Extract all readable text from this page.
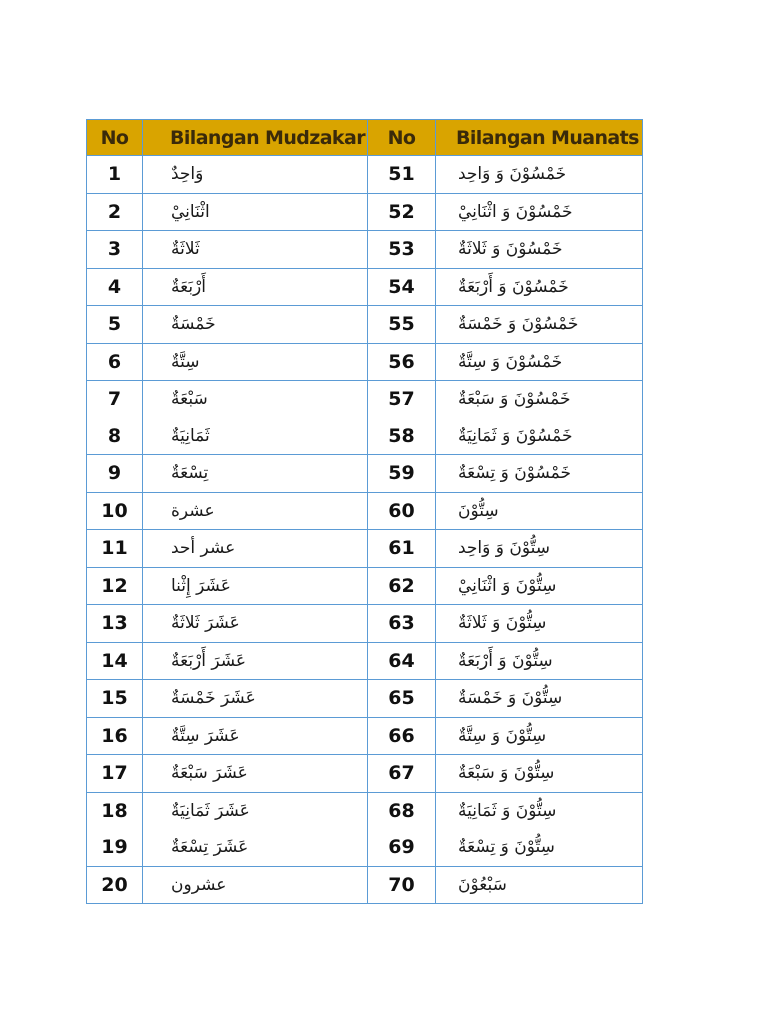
No	Bilangan Mudzakar	No	Bilangan Muanats
1	وَاحِدٌ	51	خَمْسُوْنَ وَ وَاحِد
2	اثْنَانِيْ	52	خَمْسُوْنَ وَ اثْنَانِيْ
3	ثَلاثَةٌ	53	خَمْسُوْنَ وَ ثَلاثَةٌ
4	أَرْبَعَةٌ	54	خَمْسُوْنَ وَ أَرْبَعَةٌ
5	خَمْسَةٌ	55	خَمْسُوْنَ وَ خَمْسَةٌ
6	سِتَّةٌ	56	خَمْسُوْنَ وَ سِتَّةٌ
7	سَبْعَةٌ	57	خَمْسُوْنَ وَ سَبْعَةٌ
8	ثَمَانِيَةٌ	58	خَمْسُوْنَ وَ ثَمَانِيَةٌ
9	تِسْعَةٌ	59	خَمْسُوْنَ وَ تِسْعَةٌ
10	عشرة	60	سِتُّوْنَ
11	عشر أحد	61	سِتُّوْنَ وَ وَاحِد
12	عَشَرَ إِثْنا	62	سِتُّوْنَ وَ اثْنَانِيْ
13	عَشَرَ ثَلاثَةٌ	63	سِتُّوْنَ وَ ثَلاثَةٌ
14	عَشَرَ أَرْبَعَةٌ	64	سِتُّوْنَ وَ أَرْبَعَةٌ
15	عَشَرَ خَمْسَةٌ	65	سِتُّوْنَ وَ خَمْسَةٌ
16	عَشَرَ سِتَّةٌ	66	سِتُّوْنَ وَ سِتَّةٌ
17	عَشَرَ سَبْعَةٌ	67	سِتُّوْنَ وَ سَبْعَةٌ
18	عَشَرَ ثَمَانِيَةٌ	68	سِتُّوْنَ وَ ثَمَانِيَةٌ
19	عَشَرَ تِسْعَةٌ	69	سِتُّوْنَ وَ تِسْعَةٌ
20	عشرون	70	سَبْعُوْنَ
